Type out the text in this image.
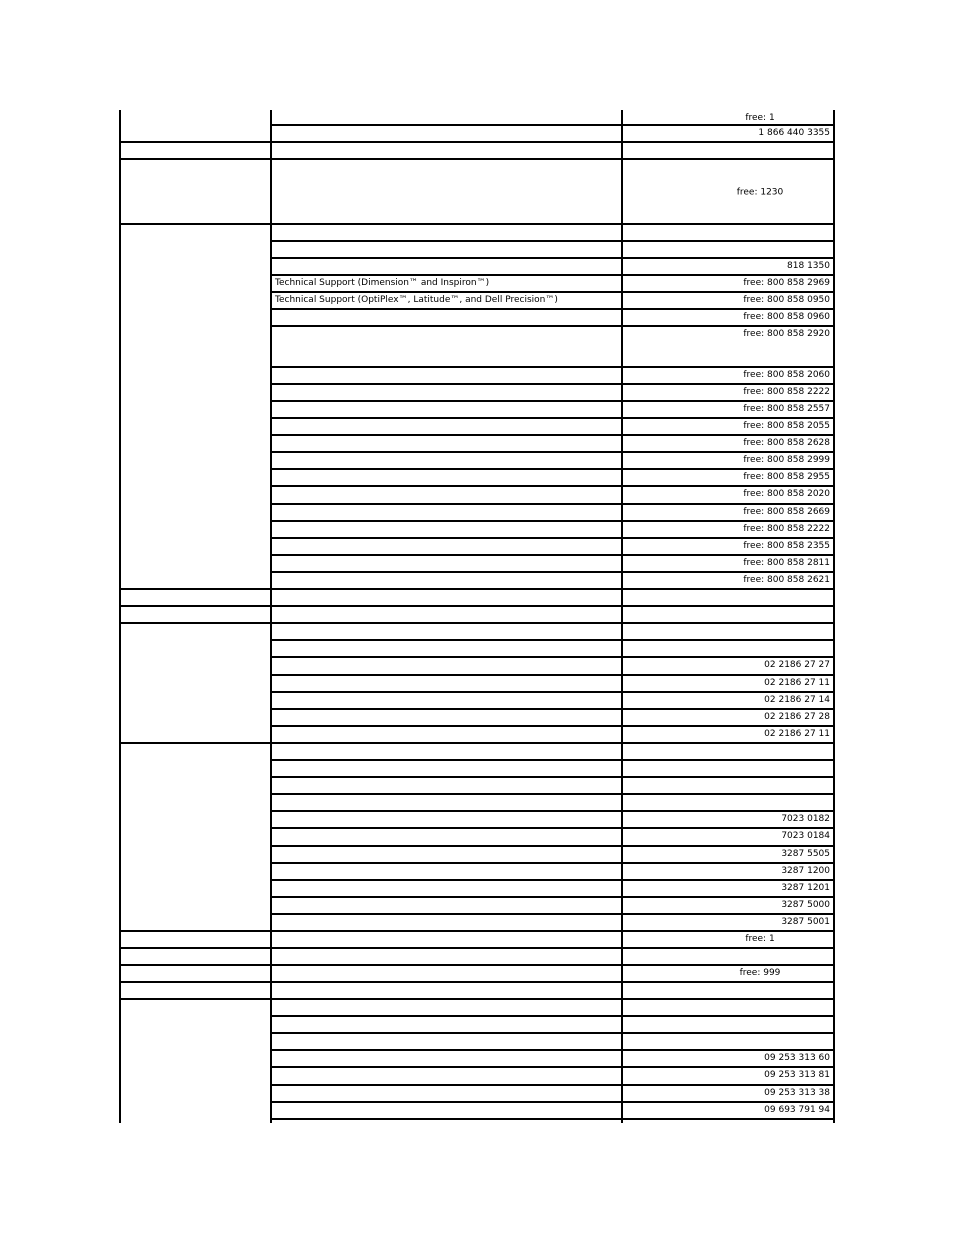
free: 1
1 866 440 3355
free: 1230
818 1350
Technical Support (Dimension™ and Inspiron™)	free: 800 858 2969
Technical Support (OptiPlex™, Latitude™, and Dell Precision™)	free: 800 858 0950
free: 800 858 0960
free: 800 858 2920
free: 800 858 2060
free: 800 858 2222
free: 800 858 2557
free: 800 858 2055
free: 800 858 2628
free: 800 858 2999
free: 800 858 2955
free: 800 858 2020
free: 800 858 2669
free: 800 858 2222
free: 800 858 2355
free: 800 858 2811
free: 800 858 2621
02 2186 27 27
02 2186 27 11
02 2186 27 14
02 2186 27 28
02 2186 27 11
7023 0182
7023 0184
3287 5505
3287 1200
3287 1201
3287 5000
3287 5001
free: 1
free: 999
09 253 313 60
09 253 313 81
09 253 313 38
09 693 791 94
